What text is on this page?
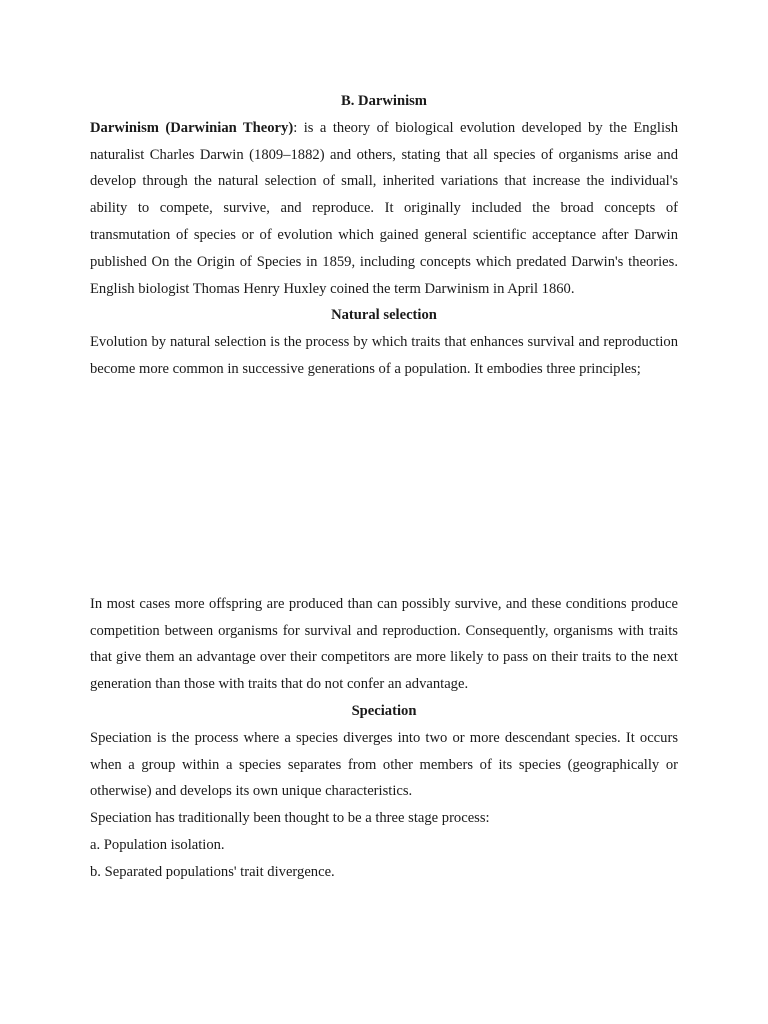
B. Darwinism

Darwinism (Darwinian Theory): is a theory of biological evolution developed by the English naturalist Charles Darwin (1809–1882) and others, stating that all species of organisms arise and develop through the natural selection of small, inherited variations that increase the individual's ability to compete, survive, and reproduce. It originally included the broad concepts of transmutation of species or of evolution which gained general scientific acceptance after Darwin published On the Origin of Species in 1859, including concepts which predated Darwin's theories. English biologist Thomas Henry Huxley coined the term Darwinism in April 1860.

Natural selection

Evolution by natural selection is the process by which traits that enhances survival and reproduction become more common in successive generations of a population. It embodies three principles;

In most cases more offspring are produced than can possibly survive, and these conditions produce competition between organisms for survival and reproduction. Consequently, organisms with traits that give them an advantage over their competitors are more likely to pass on their traits to the next generation than those with traits that do not confer an advantage.

Speciation

Speciation is the process where a species diverges into two or more descendant species. It occurs when a group within a species separates from other members of its species (geographically or otherwise) and develops its own unique characteristics.

Speciation has traditionally been thought to be a three stage process:

a. Population isolation.

b. Separated populations' trait divergence.
